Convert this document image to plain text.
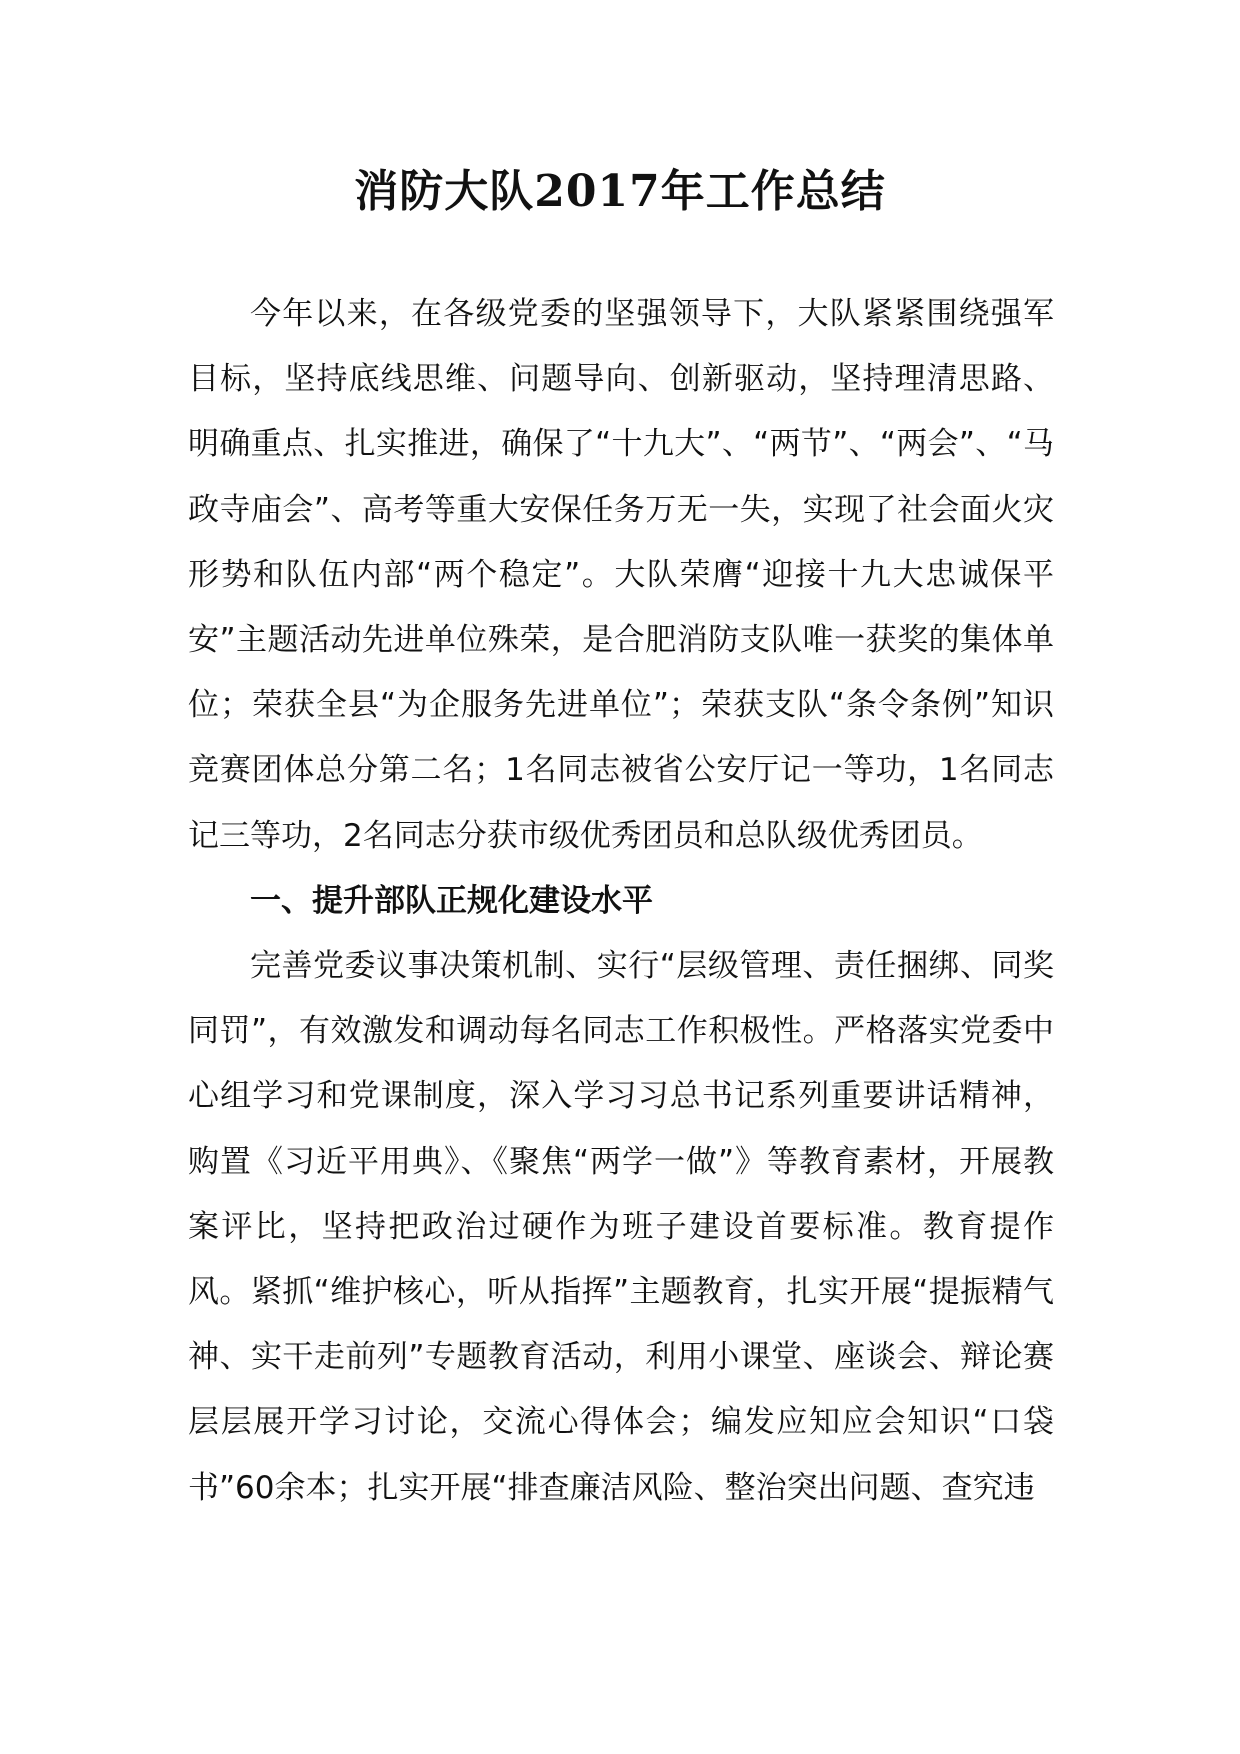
消防大队2017年工作总结

今年以来，在各级党委的坚强领导下，大队紧紧围绕强军目标，坚持底线思维、问题导向、创新驱动，坚持理清思路、明确重点、扎实推进，确保了“十九大”、“两节”、“两会”、“马政寺庙会”、高考等重大安保任务万无一失，实现了社会面火灾形势和队伍内部“两个稳定”。大队荣膺“迎接十九大忠诚保平安”主题活动先进单位殊荣，是合肥消防支队唯一获奖的集体单位；荣获全县“为企服务先进单位”；荣获支队“条令条例”知识竞赛团体总分第二名；1名同志被省公安厅记一等功，1名同志记三等功，2名同志分获市级优秀团员和总队级优秀团员。

一、提升部队正规化建设水平

完善党委议事决策机制、实行“层级管理、责任捆绑、同奖同罚”，有效激发和调动每名同志工作积极性。严格落实党委中心组学习和党课制度，深入学习习总书记系列重要讲话精神，购置《习近平用典》、《聚焦“两学一做”》等教育素材，开展教案评比，坚持把政治过硬作为班子建设首要标准。教育提作风。紧抓“维护核心，听从指挥”主题教育，扎实开展“提振精气神、实干走前列”专题教育活动，利用小课堂、座谈会、辩论赛层层展开学习讨论，交流心得体会；编发应知应会知识“口袋书”60余本；扎实开展“排查廉洁风险、整治突出问题、查究违
